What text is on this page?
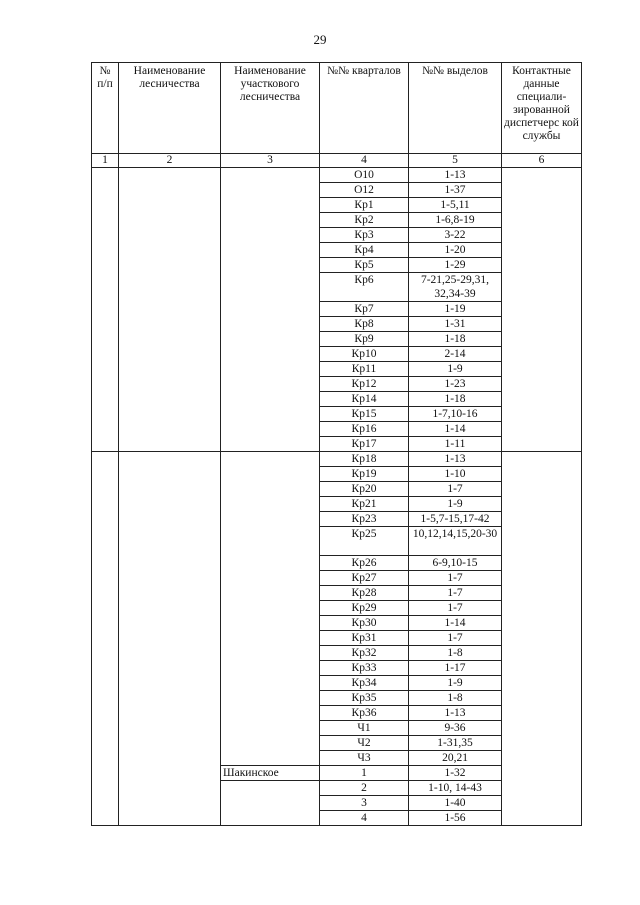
29
№ п/п	Наименование лесничества	Наименование участкового лесничества	№№ кварталов	№№ выделов	Контактные данные специали-зированной диспетчерс кой службы
1	2	3	4	5	6
			О10	1-13	
			О12	1-37	
			Кр1	1-5,11	
			Кр2	1-6,8-19	
			Кр3	3-22	
			Кр4	1-20	
			Кр5	1-29	
			Кр6	7-21,25-29,31, 32,34-39	
			Кр7	1-19	
			Кр8	1-31	
			Кр9	1-18	
			Кр10	2-14	
			Кр11	1-9	
			Кр12	1-23	
			Кр14	1-18	
			Кр15	1-7,10-16	
			Кр16	1-14	
			Кр17	1-11	
			Кр18	1-13	
			Кр19	1-10	
			Кр20	1-7	
			Кр21	1-9	
			Кр23	1-5,7-15,17-42	
			Кр25	10,12,14,15,20-30	
			Кр26	6-9,10-15	
			Кр27	1-7	
			Кр28	1-7	
			Кр29	1-7	
			Кр30	1-14	
			Кр31	1-7	
			Кр32	1-8	
			Кр33	1-17	
			Кр34	1-9	
			Кр35	1-8	
			Кр36	1-13	
			Ч1	9-36	
			Ч2	1-31,35	
			Ч3	20,21	
		Шакинское	1	1-32	
			2	1-10, 14-43	
			3	1-40	
			4	1-56	
